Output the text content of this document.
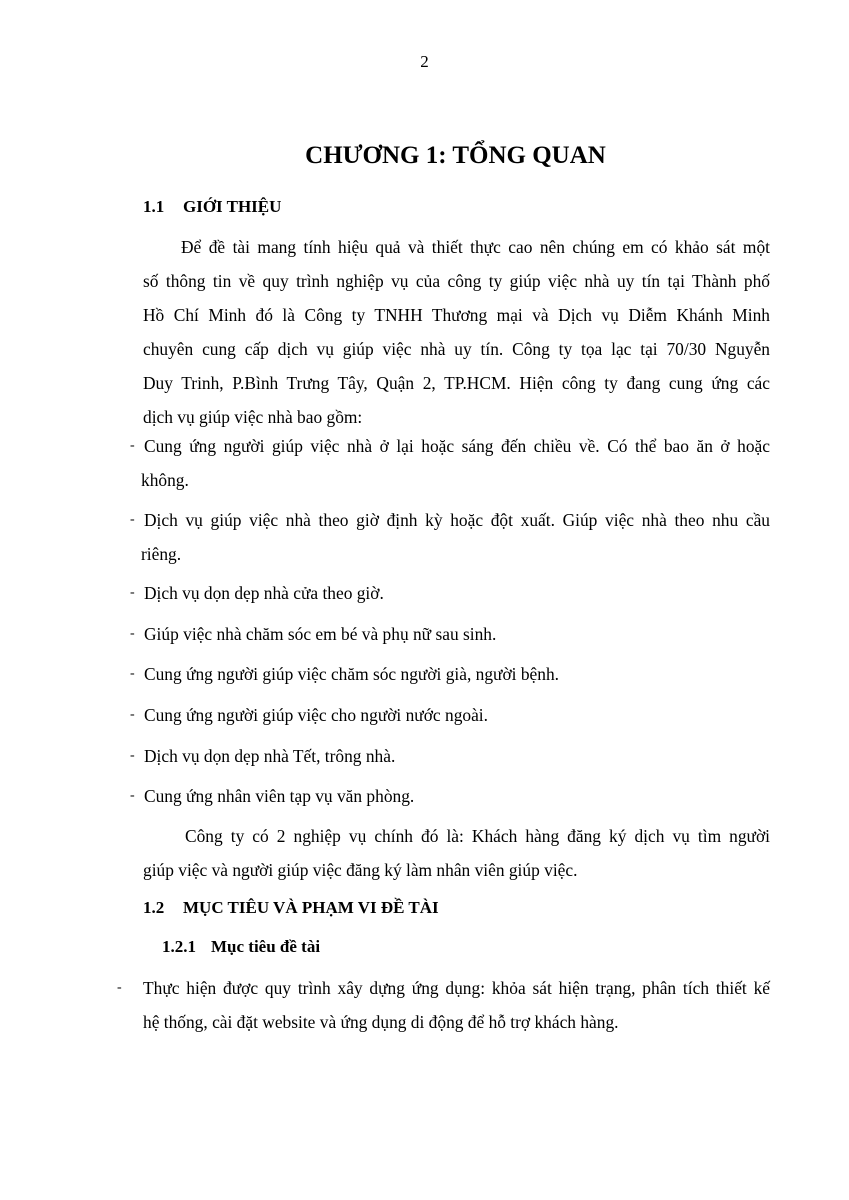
2
CHƯƠNG 1: TỔNG QUAN
1.1 GIỚI THIỆU
Để đề tài mang tính hiệu quả và thiết thực cao nên chúng em có khảo sát một
số thông tin về quy trình nghiệp vụ của công ty giúp việc nhà uy tín tại Thành phố
Hồ Chí Minh đó là Công ty TNHH Thương mại và Dịch vụ Diễm Khánh Minh
chuyên cung cấp dịch vụ giúp việc nhà uy tín. Công ty tọa lạc tại 70/30 Nguyễn
Duy Trinh, P.Bình Trưng Tây, Quận 2, TP.HCM. Hiện công ty đang cung ứng các
dịch vụ giúp việc nhà bao gồm:
- Cung ứng người giúp việc nhà ở lại hoặc sáng đến chiều về. Có thể bao ăn ở hoặc
không.
- Dịch vụ giúp việc nhà theo giờ định kỳ hoặc đột xuất. Giúp việc nhà theo nhu cầu
riêng.
- Dịch vụ dọn dẹp nhà cửa theo giờ.
- Giúp việc nhà chăm sóc em bé và phụ nữ sau sinh.
- Cung ứng người giúp việc chăm sóc người già, người bệnh.
- Cung ứng người giúp việc cho người nước ngoài.
- Dịch vụ dọn dẹp nhà Tết, trông nhà.
- Cung ứng nhân viên tạp vụ văn phòng.
Công ty có 2 nghiệp vụ chính đó là: Khách hàng đăng ký dịch vụ tìm người
giúp việc và người giúp việc đăng ký làm nhân viên giúp việc.
1.2 MỤC TIÊU VÀ PHẠM VI ĐỀ TÀI
1.2.1 Mục tiêu đề tài
-	Thực hiện được quy trình xây dựng ứng dụng: khỏa sát hiện trạng, phân tích thiết kế
hệ thống, cài đặt website và ứng dụng di động để hỗ trợ khách hàng.
